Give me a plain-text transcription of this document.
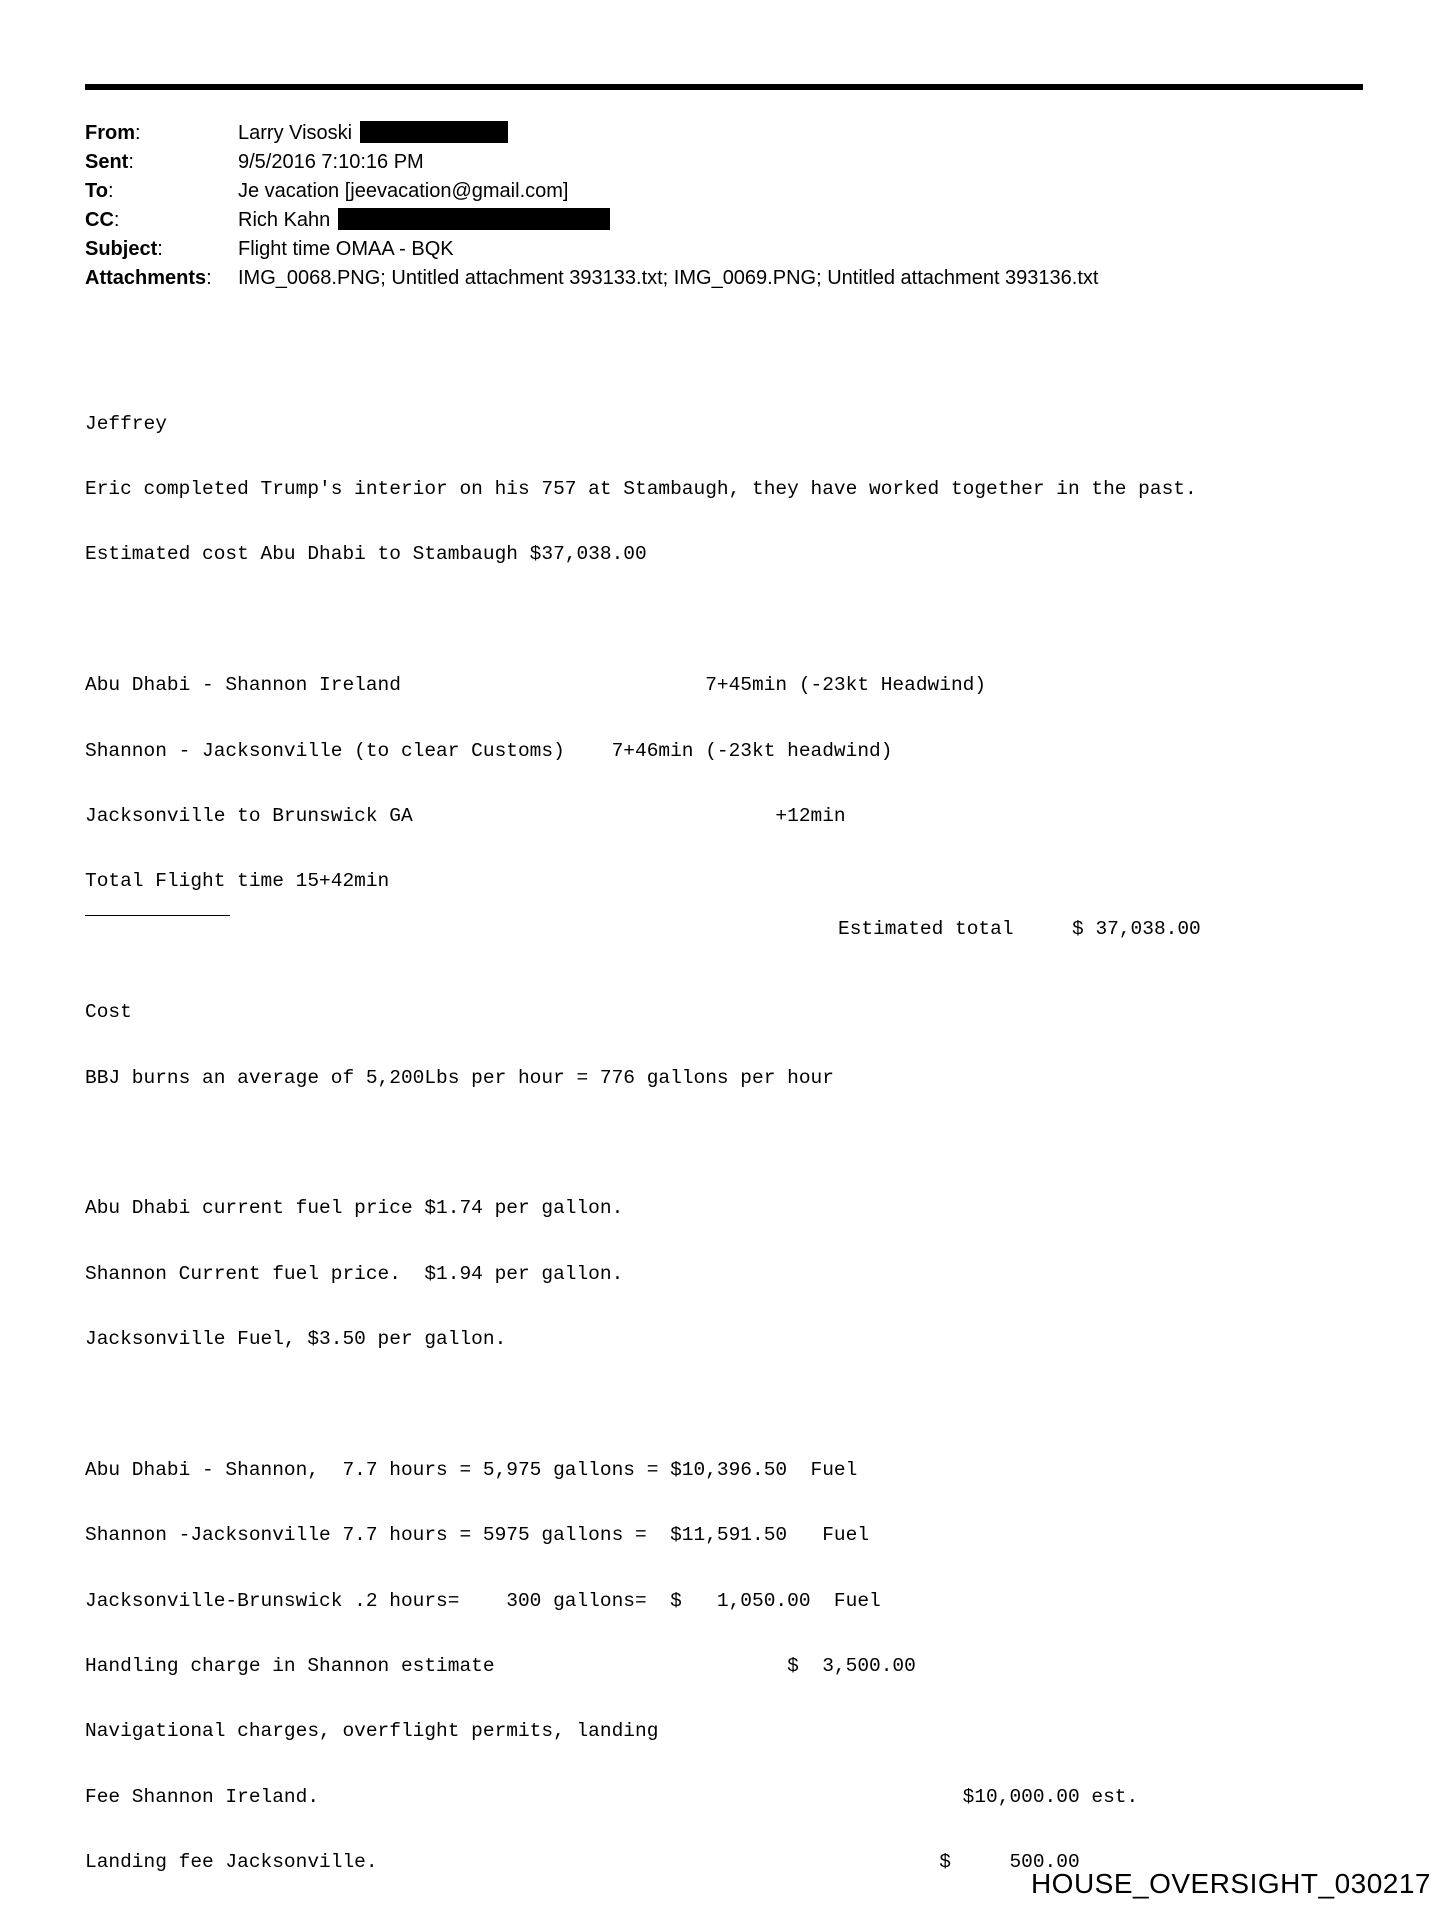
From:	Larry Visoski
Sent:	9/5/2016 7:10:16 PM
To:	Je vacation [jeevacation@gmail.com]
CC:	Rich Kahn
Subject:	Flight time OMAA - BQK
Attachments: IMG_0068.PNG; Untitled attachment 393133.txt; IMG_0069.PNG; Untitled attachment 393136.txt

Jeffrey

Eric completed Trump's interior on his 757 at Stambaugh, they have worked together in the past.

Estimated cost Abu Dhabi to Stambaugh $37,038.00

Abu Dhabi - Shannon Ireland                          7+45min (-23kt Headwind)

Shannon - Jacksonville (to clear Customs)    7+46min (-23kt headwind)

Jacksonville to Brunswick GA                               +12min

Total Flight time 15+42min

Cost

BBJ burns an average of 5,200Lbs per hour = 776 gallons per hour

Abu Dhabi current fuel price $1.74 per gallon.

Shannon Current fuel price.  $1.94 per gallon.

Jacksonville Fuel, $3.50 per gallon.

Abu Dhabi - Shannon,  7.7 hours = 5,975 gallons = $10,396.50  Fuel

Shannon -Jacksonville 7.7 hours = 5975 gallons =  $11,591.50   Fuel

Jacksonville-Brunswick .2 hours=    300 gallons=  $   1,050.00  Fuel

Handling charge in Shannon estimate                         $  3,500.00

Navigational charges, overflight permits, landing

Fee Shannon Ireland.                                                       $10,000.00 est.

Landing fee Jacksonville.                                                $     500.00

Estimated total     $ 37,038.00
HOUSE_OVERSIGHT_030217
